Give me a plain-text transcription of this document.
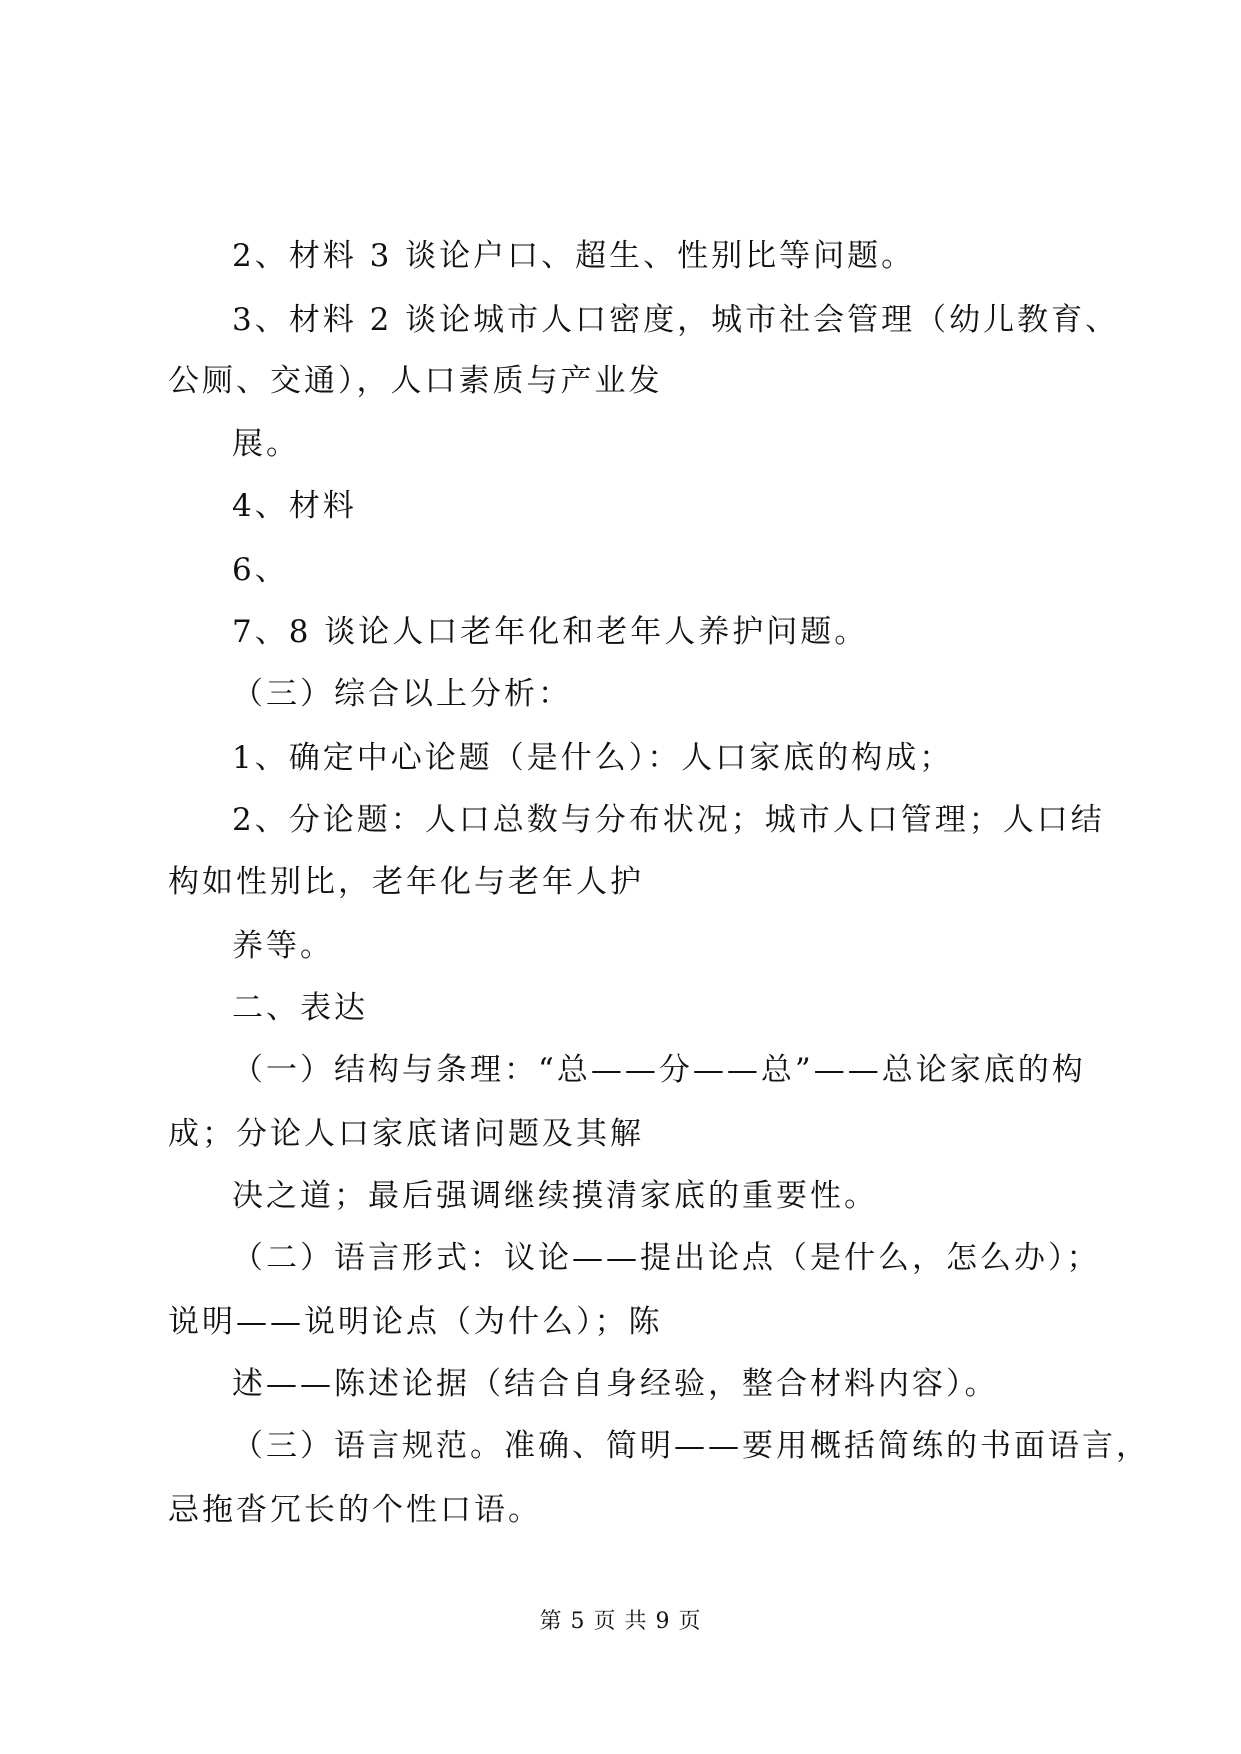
2、材料 3 谈论户口、超生、性别比等问题。
3、材料 2 谈论城市人口密度，城市社会管理（幼儿教育、
公厕、交通），人口素质与产业发
展。
4、材料
6、
7、8 谈论人口老年化和老年人养护问题。
（三）综合以上分析：
1、确定中心论题（是什么）：人口家底的构成；
2、分论题：人口总数与分布状况；城市人口管理；人口结
构如性别比，老年化与老年人护
养等。
二、表达
（一）结构与条理：“总——分——总”——总论家底的构
成；分论人口家底诸问题及其解
决之道；最后强调继续摸清家底的重要性。
（二）语言形式：议论——提出论点（是什么，怎么办）；
说明——说明论点（为什么）；陈
述——陈述论据（结合自身经验，整合材料内容）。
（三）语言规范。准确、简明——要用概括简练的书面语言，
忌拖沓冗长的个性口语。
第 5 页 共 9 页
